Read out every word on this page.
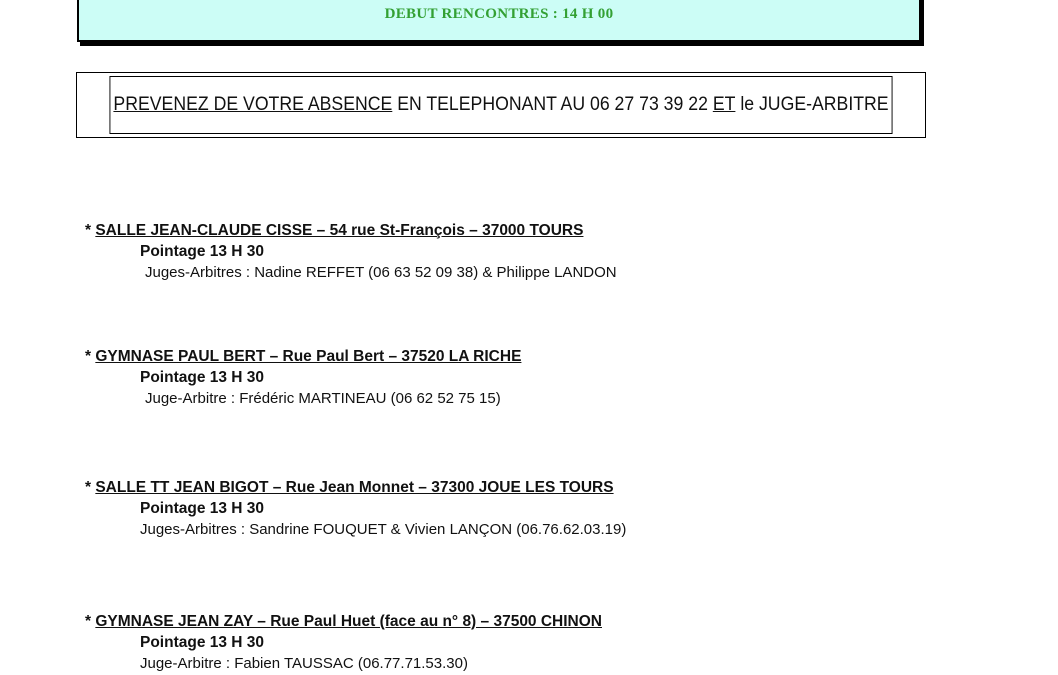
DEBUT RENCONTRES : 14 H 00
PREVENEZ DE VOTRE ABSENCE EN TELEPHONANT AU 06 27 73 39 22 ET le JUGE-ARBITRE
* SALLE JEAN-CLAUDE CISSE – 54 rue St-François – 37000 TOURS
Pointage 13 H 30
Juges-Arbitres : Nadine REFFET (06 63 52 09 38) & Philippe LANDON
* GYMNASE PAUL BERT – Rue Paul Bert – 37520 LA RICHE
Pointage 13 H 30
Juge-Arbitre : Frédéric MARTINEAU (06 62 52 75 15)
* SALLE TT JEAN BIGOT – Rue Jean Monnet – 37300 JOUE LES TOURS
Pointage 13 H 30
Juges-Arbitres : Sandrine FOUQUET & Vivien LANÇON (06.76.62.03.19)
* GYMNASE JEAN ZAY – Rue Paul Huet (face au n° 8) – 37500 CHINON
Pointage 13 H 30
Juge-Arbitre : Fabien TAUSSAC (06.77.71.53.30)
